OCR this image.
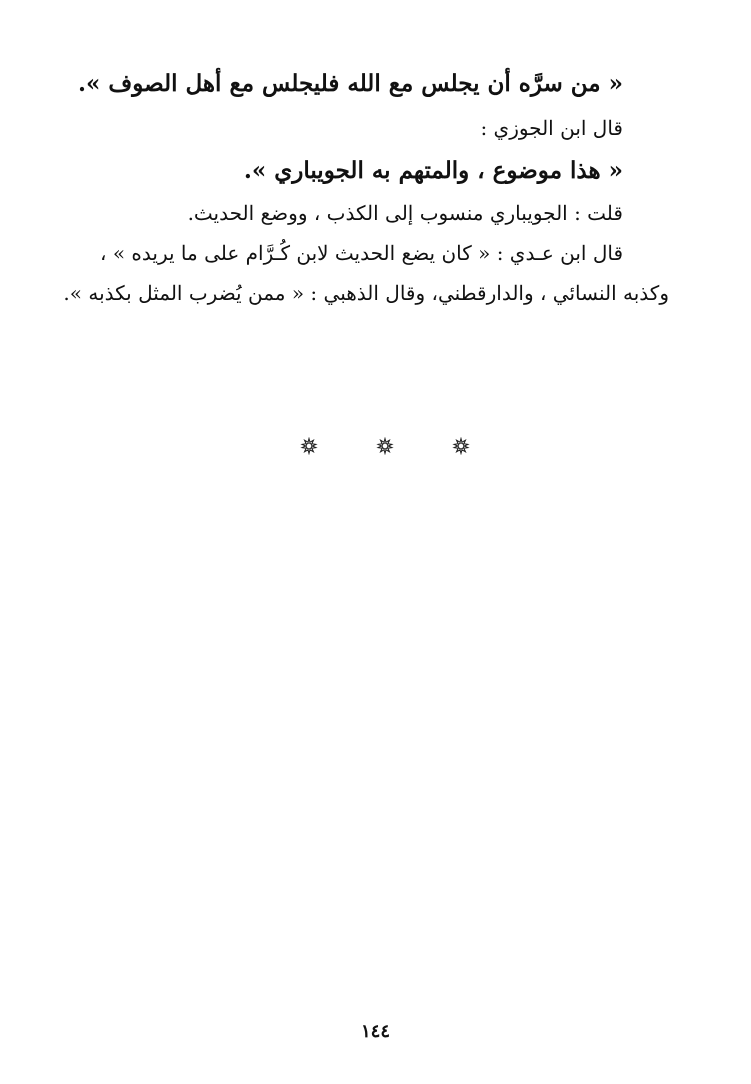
« من سرَّه أن يجلس مع الله فليجلس مع أهل الصوف ».
قال ابن الجوزي :
« هذا موضوع ، والمتهم به الجويباري ».
قلت : الجويباري منسوب إلى الكذب ، ووضع الحديث.
قال ابن عـدي : « كان يضع الحديث لابن كُـرَّام على ما يريده » ،
وكذبه النسائي ، والدارقطني، وقال الذهبي : « ممن يُضرب المثل بكذبه ».
١٤٤
